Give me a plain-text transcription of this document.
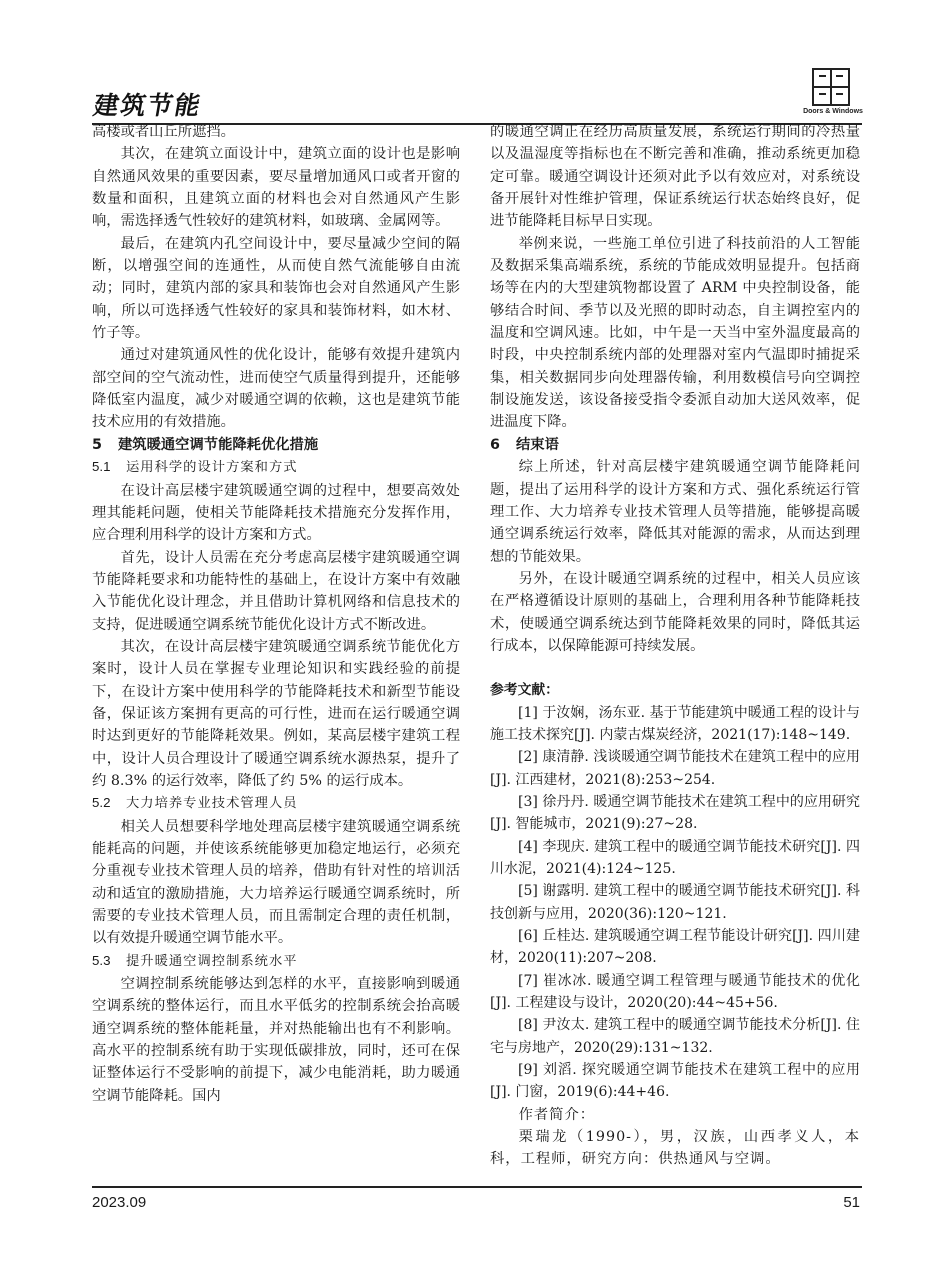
建筑节能	Doors & Windows

高楼或者山丘所遮挡。

其次，在建筑立面设计中，建筑立面的设计也是影响自然通风效果的重要因素，要尽量增加通风口或者开窗的数量和面积，且建筑立面的材料也会对自然通风产生影响，需选择透气性较好的建筑材料，如玻璃、金属网等。

最后，在建筑内孔空间设计中，要尽量减少空间的隔断，以增强空间的连通性，从而使自然气流能够自由流动；同时，建筑内部的家具和装饰也会对自然通风产生影响，所以可选择透气性较好的家具和装饰材料，如木材、竹子等。

通过对建筑通风性的优化设计，能够有效提升建筑内部空间的空气流动性，进而使空气质量得到提升，还能够降低室内温度，减少对暖通空调的依赖，这也是建筑节能技术应用的有效措施。

5 建筑暖通空调节能降耗优化措施
5.1 运用科学的设计方案和方式

在设计高层楼宇建筑暖通空调的过程中，想要高效处理其能耗问题，使相关节能降耗技术措施充分发挥作用，应合理利用科学的设计方案和方式。

首先，设计人员需在充分考虑高层楼宇建筑暖通空调节能降耗要求和功能特性的基础上，在设计方案中有效融入节能优化设计理念，并且借助计算机网络和信息技术的支持，促进暖通空调系统节能优化设计方式不断改进。

其次，在设计高层楼宇建筑暖通空调系统节能优化方案时，设计人员在掌握专业理论知识和实践经验的前提下，在设计方案中使用科学的节能降耗技术和新型节能设备，保证该方案拥有更高的可行性，进而在运行暖通空调时达到更好的节能降耗效果。例如，某高层楼宇建筑工程中，设计人员合理设计了暖通空调系统水源热泵，提升了约 8.3% 的运行效率，降低了约 5% 的运行成本。

5.2 大力培养专业技术管理人员

相关人员想要科学地处理高层楼宇建筑暖通空调系统能耗高的问题，并使该系统能够更加稳定地运行，必须充分重视专业技术管理人员的培养，借助有针对性的培训活动和适宜的激励措施，大力培养运行暖通空调系统时，所需要的专业技术管理人员，而且需制定合理的责任机制，以有效提升暖通空调节能水平。

5.3 提升暖通空调控制系统水平

空调控制系统能够达到怎样的水平，直接影响到暖通空调系统的整体运行，而且水平低劣的控制系统会抬高暖通空调系统的整体能耗量，并对热能输出也有不利影响。高水平的控制系统有助于实现低碳排放，同时，还可在保证整体运行不受影响的前提下，减少电能消耗，助力暖通空调节能降耗。国内

的暖通空调正在经历高质量发展，系统运行期间的冷热量以及温湿度等指标也在不断完善和准确，推动系统更加稳定可靠。暖通空调设计还须对此予以有效应对，对系统设备开展针对性维护管理，保证系统运行状态始终良好，促进节能降耗目标早日实现。

举例来说，一些施工单位引进了科技前沿的人工智能及数据采集高端系统，系统的节能成效明显提升。包括商场等在内的大型建筑物都设置了 ARM 中央控制设备，能够结合时间、季节以及光照的即时动态，自主调控室内的温度和空调风速。比如，中午是一天当中室外温度最高的时段，中央控制系统内部的处理器对室内气温即时捕捉采集，相关数据同步向处理器传输，利用数模信号向空调控制设施发送，该设备接受指令委派自动加大送风效率，促进温度下降。

6 结束语

综上所述，针对高层楼宇建筑暖通空调节能降耗问题，提出了运用科学的设计方案和方式、强化系统运行管理工作、大力培养专业技术管理人员等措施，能够提高暖通空调系统运行效率，降低其对能源的需求，从而达到理想的节能效果。

另外，在设计暖通空调系统的过程中，相关人员应该在严格遵循设计原则的基础上，合理利用各种节能降耗技术，使暖通空调系统达到节能降耗效果的同时，降低其运行成本，以保障能源可持续发展。

参考文献：

[1] 于汝娴，汤东亚. 基于节能建筑中暖通工程的设计与施工技术探究[J]. 内蒙古煤炭经济，2021(17):148~149.

[2] 康清静. 浅谈暖通空调节能技术在建筑工程中的应用[J]. 江西建材，2021(8):253~254.

[3] 徐丹丹. 暖通空调节能技术在建筑工程中的应用研究[J]. 智能城市，2021(9):27~28.

[4] 李现庆. 建筑工程中的暖通空调节能技术研究[J]. 四川水泥，2021(4):124~125.

[5] 谢露明. 建筑工程中的暖通空调节能技术研究[J]. 科技创新与应用，2020(36):120~121.

[6] 丘桂达. 建筑暖通空调工程节能设计研究[J]. 四川建材，2020(11):207~208.

[7] 崔冰冰. 暖通空调工程管理与暖通节能技术的优化[J]. 工程建设与设计，2020(20):44~45+56.

[8] 尹汝太. 建筑工程中的暖通空调节能技术分析[J]. 住宅与房地产，2020(29):131~132.

[9] 刘滔. 探究暖通空调节能技术在建筑工程中的应用[J]. 门窗，2019(6):44+46.

作者简介：

栗瑞龙（1990-），男，汉族，山西孝义人，本科，工程师，研究方向：供热通风与空调。

2023.09	51
